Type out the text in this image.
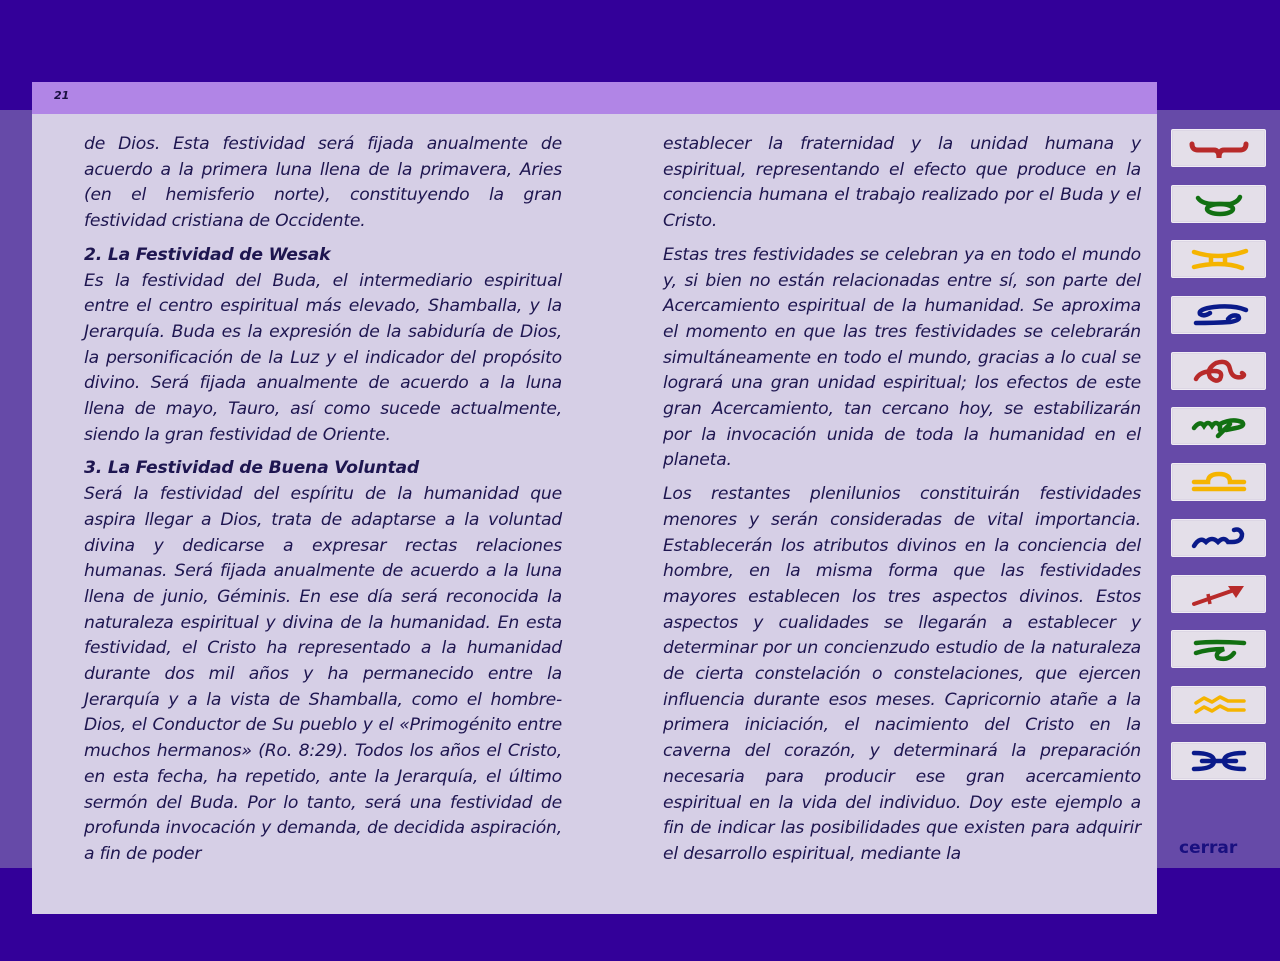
21

de Dios. Esta festividad será fijada anualmente de acuerdo a la primera luna llena de la primavera, Aries (en el hemisferio norte), constituyendo la gran festividad cristiana de Occidente.

2. La Festividad de Wesak
Es la festividad del Buda, el intermediario espiritual entre el centro espiritual más elevado, Shamballa, y la Jerarquía. Buda es la expresión de la sabiduría de Dios, la personificación de la Luz y el indicador del propósito divino. Será fijada anualmente de acuerdo a la luna llena de mayo, Tauro, así como sucede actualmente, siendo la gran festividad de Oriente.

3. La Festividad de Buena Voluntad
Será la festividad del espíritu de la humanidad que aspira llegar a Dios, trata de adaptarse a la voluntad divina y dedicarse a expresar rectas relaciones humanas. Será fijada anualmente de acuerdo a la luna llena de junio, Géminis. En ese día será reconocida la naturaleza espiritual y divina de la humanidad. En esta festividad, el Cristo ha representado a la humanidad durante dos mil años y ha permanecido entre la Jerarquía y a la vista de Shamballa, como el hombre-Dios, el Conductor de Su pueblo y el «Primogénito entre muchos hermanos» (Ro. 8:29). Todos los años el Cristo, en esta fecha, ha repetido, ante la Jerarquía, el último sermón del Buda. Por lo tanto, será una festividad de profunda invocación y demanda, de decidida aspiración, a fin de poder

establecer la fraternidad y la unidad humana y espiritual, representando el efecto que produce en la conciencia humana el trabajo realizado por el Buda y el Cristo.

Estas tres festividades se celebran ya en todo el mundo y, si bien no están relacionadas entre sí, son parte del Acercamiento espiritual de la humanidad. Se aproxima el momento en que las tres festividades se celebrarán simultáneamente en todo el mundo, gracias a lo cual se logrará una gran unidad espiritual; los efectos de este gran Acercamiento, tan cercano hoy, se estabilizarán por la invocación unida de toda la humanidad en el planeta.

Los restantes plenilunios constituirán festividades menores y serán consideradas de vital importancia. Establecerán los atributos divinos en la conciencia del hombre, en la misma forma que las festividades mayores establecen los tres aspectos divinos. Estos aspectos y cualidades se llegarán a establecer y determinar por un concienzudo estudio de la naturaleza de cierta constelación o constelaciones, que ejercen influencia durante esos meses. Capricornio atañe a la primera iniciación, el nacimiento del Cristo en la caverna del corazón, y determinará la preparación necesaria para producir ese gran acercamiento espiritual en la vida del individuo. Doy este ejemplo a fin de indicar las posibilidades que existen para adquirir el desarrollo espiritual, mediante la	cerrar
